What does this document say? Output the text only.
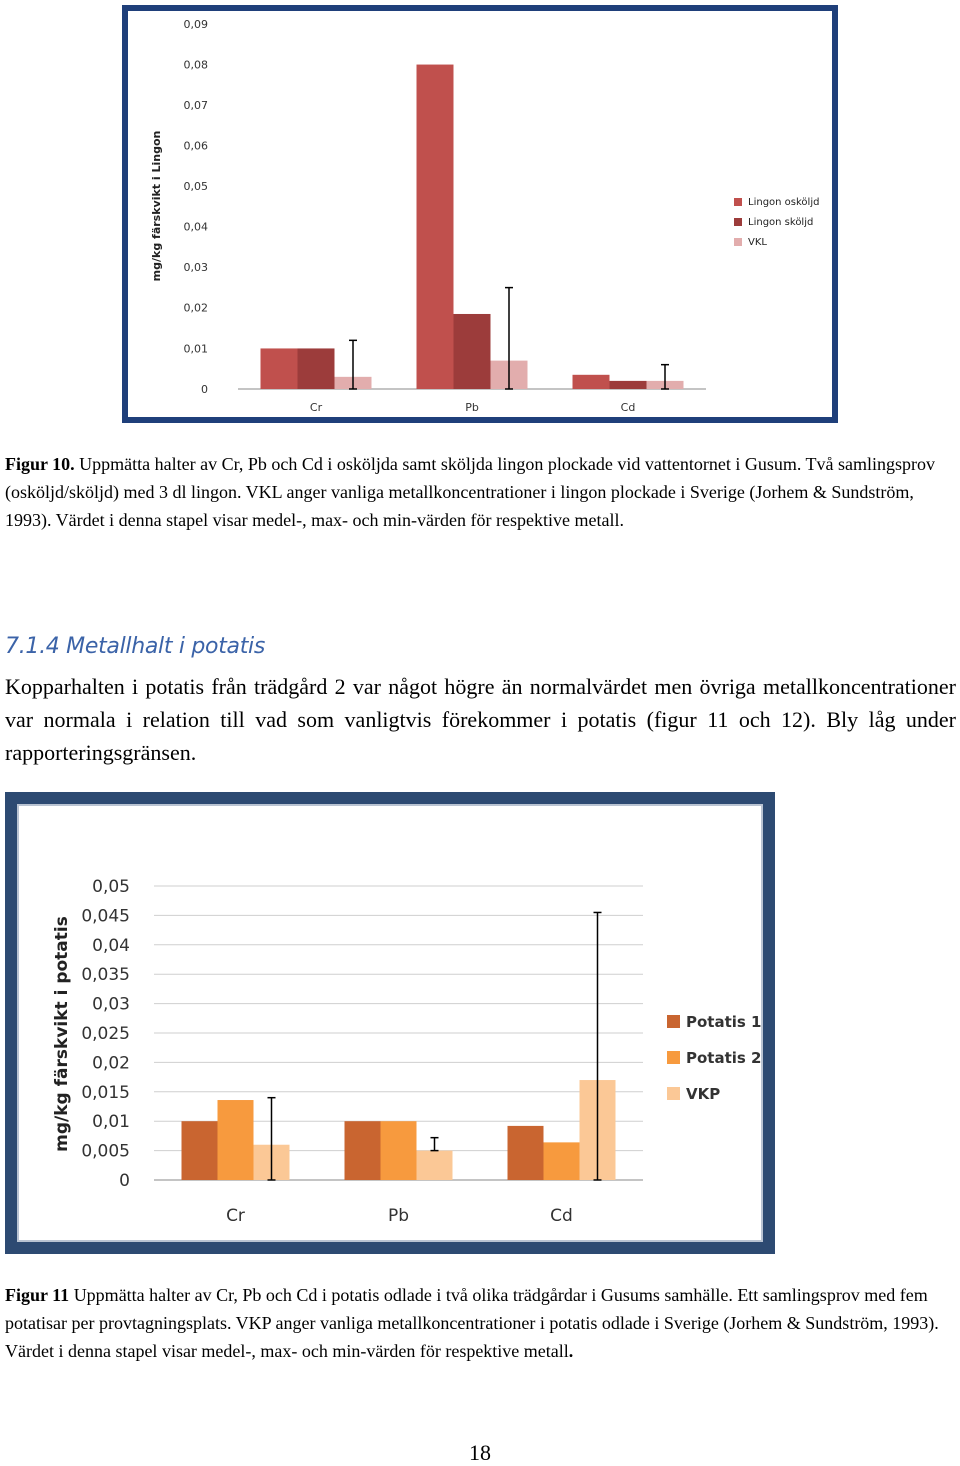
0
0,01
0,02
0,03
0,04
0,05
0,06
0,07
0,08
0,09
mg/kg färskvikt i Lingon
Cr	Pb	Cd
Lingon osköljd
Lingon sköljd
VKL
Figur 10. Uppmätta halter av Cr, Pb och Cd i osköljda samt sköljda lingon plockade vid vattentornet i Gusum. Två samlingsprov (osköljd/sköljd) med 3 dl lingon. VKL anger vanliga metallkoncentrationer i lingon plockade i Sverige (Jorhem & Sundström, 1993). Värdet i denna stapel visar medel-, max- och min-värden för respektive metall.
7.1.4 Metallhalt i potatis
Kopparhalten i potatis från trädgård 2 var något högre än normalvärdet men övriga metallkoncentrationer var normala i relation till vad som vanligtvis förekommer i potatis (figur 11 och 12). Bly låg under rapporteringsgränsen.
0
0,005
0,01
0,015
0,02
0,025
0,03
0,035
0,04
0,045
0,05
mg/kg färskvikt i potatis
Cr	Pb	Cd
Potatis 1
Potatis 2
VKP
Figur 11 Uppmätta halter av Cr, Pb och Cd i potatis odlade i två olika trädgårdar i Gusums samhälle. Ett samlingsprov med fem potatisar per provtagningsplats. VKP anger vanliga metallkoncentrationer i potatis odlade i Sverige (Jorhem & Sundström, 1993). Värdet i denna stapel visar medel-, max- och min-värden för respektive metall.
18
